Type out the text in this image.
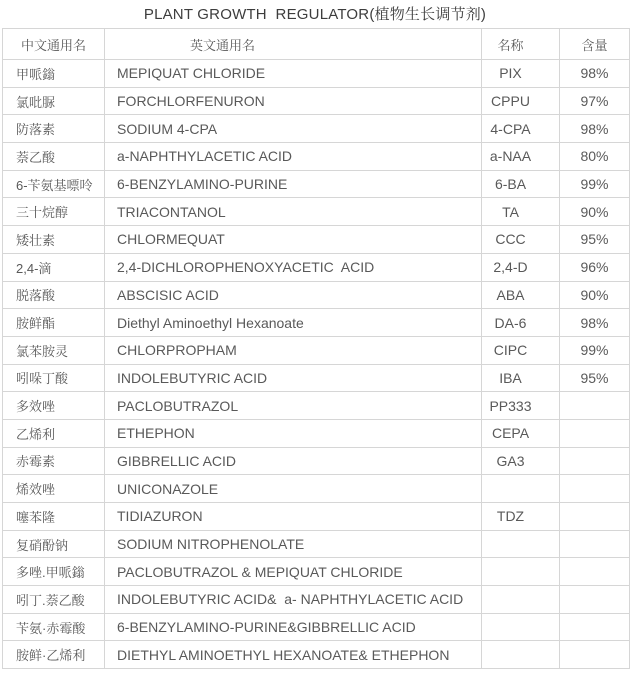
PLANT GROWTH  REGULATOR(植物生长调节剂)
中文通用名	英文通用名	名称	含量
甲哌鎓	MEPIQUAT CHLORIDE	PIX	98%
氯吡脲	FORCHLORFENURON	CPPU	97%
防落素	SODIUM 4-CPA	4-CPA	98%
萘乙酸	a-NAPHTHYLACETIC ACID	a-NAA	80%
6-苄氨基嘌呤	6-BENZYLAMINO-PURINE	6-BA	99%
三十烷醇	TRIACONTANOL	TA	90%
矮壮素	CHLORMEQUAT	CCC	95%
2,4-滴	2,4-DICHLOROPHENOXYACETIC  ACID	2,4-D	96%
脱落酸	ABSCISIC ACID	ABA	90%
胺鲜酯	Diethyl Aminoethyl Hexanoate	DA-6	98%
氯苯胺灵	CHLORPROPHAM	CIPC	99%
吲哚丁酸	INDOLEBUTYRIC ACID	IBA	95%
多效唑	PACLOBUTRAZOL	PP333	
乙烯利	ETHEPHON	CEPA	
赤霉素	GIBBRELLIC ACID	GA3	
烯效唑	UNICONAZOLE		
噻苯隆	TIDIAZURON	TDZ	
复硝酚钠	SODIUM NITROPHENOLATE		
多唑.甲哌鎓	PACLOBUTRAZOL & MEPIQUAT CHLORIDE		
吲丁.萘乙酸	INDOLEBUTYRIC ACID&  a- NAPHTHYLACETIC ACID		
苄氨·赤霉酸	6-BENZYLAMINO-PURINE&GIBBRELLIC ACID		
胺鲜·乙烯利	DIETHYL AMINOETHYL HEXANOATE& ETHEPHON		
